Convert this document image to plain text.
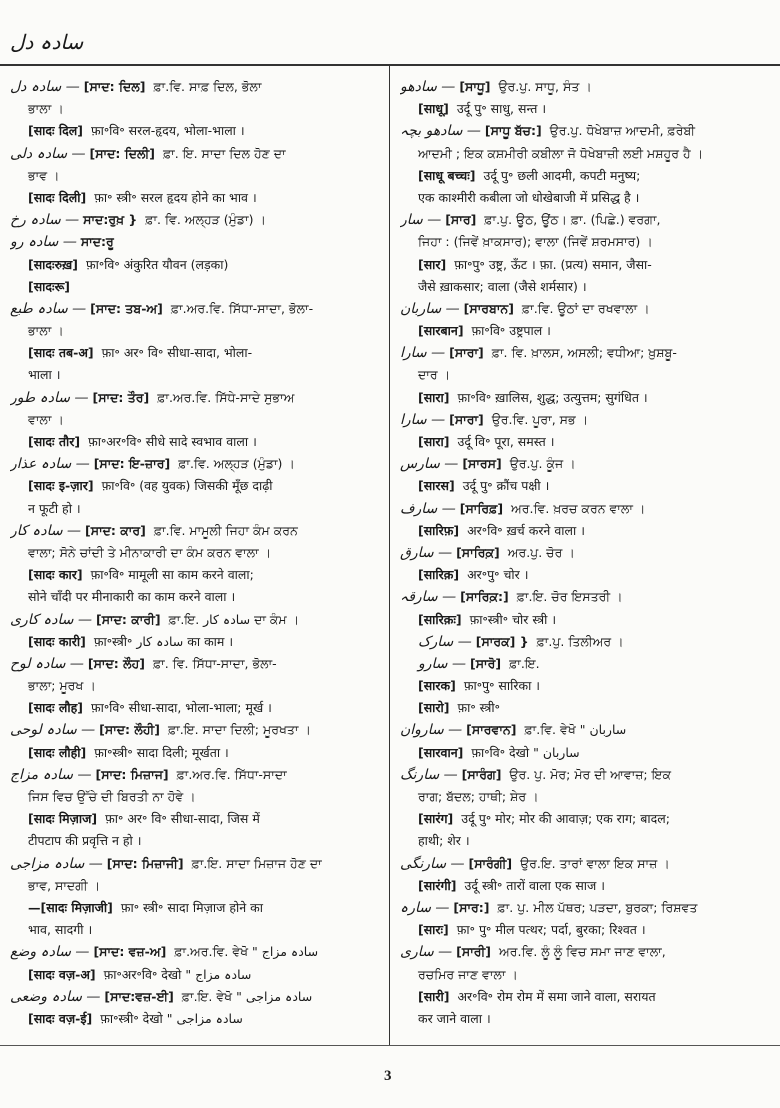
سادہ دل
سادہ دل — [ਸਾਦ: ਦਿਲ] ਫ਼ਾ.ਵਿ. ਸਾਫ਼ ਦਿਲ, ਭੋਲਾ
ਭਾਲਾ ।
[सादः दिल] फ़ा॰वि॰ सरल-हृदय, भोला-भाला ।
سادہ دلی — [ਸਾਦ: ਦਿਲੀ] ਫ਼ਾ. ਇ. ਸਾਦਾ ਦਿਲ ਹੋਣ ਦਾ
ਭਾਵ ।
[सादः दिली] फ़ा॰ स्त्री॰ सरल हृदय होने का भाव ।
سادہ رخ — ਸਾਦ:ਰੁਖ਼ } ਫ਼ਾ. ਵਿ. ਅਲ੍ਹੜ (ਮੁੰਡਾ) ।
سادہ رو — ਸਾਦ:ਰੂ
[सादःरुख़] फ़ा॰वि॰ अंकुरित यौवन (लड़का)
[सादःरू]
سادہ طبع — [ਸਾਦ: ਤਬ-ਅ] ਫ਼ਾ.ਅਰ.ਵਿ. ਸਿੱਧਾ-ਸਾਦਾ, ਭੋਲਾ-
ਭਾਲਾ ।
[सादः तब-अ] फ़ा॰ अर॰ वि॰ सीधा-सादा, भोला-
भाला ।
سادہ طور — [ਸਾਦ: ਤੌਰ] ਫ਼ਾ.ਅਰ.ਵਿ. ਸਿੱਧੇ-ਸਾਦੇ ਸੁਭਾਅ
ਵਾਲਾ ।
[सादः तौर] फ़ा॰अर॰वि॰ सीधे सादे स्वभाव वाला ।
سادہ عذار — [ਸਾਦ: ਇ-ਜ਼ਾਰ] ਫ਼ਾ.ਵਿ. ਅਲ੍ਹੜ (ਮੁੰਡਾ) ।
[सादः इ-ज़ार] फ़ा॰वि॰ (वह युवक) जिसकी मूँछ दाढ़ी
न फूटी हो ।
سادہ کار — [ਸਾਦ: ਕਾਰ] ਫ਼ਾ.ਵਿ. ਮਾਮੂਲੀ ਜਿਹਾ ਕੰਮ ਕਰਨ
ਵਾਲਾ; ਸੋਨੇ ਚਾਂਦੀ ਤੇ ਮੀਨਾਕਾਰੀ ਦਾ ਕੰਮ ਕਰਨ ਵਾਲਾ ।
[सादः कार] फ़ा॰वि॰ मामूली सा काम करने वाला;
सोने चाँदी पर मीनाकारी का काम करने वाला ।
سادہ کاری — [ਸਾਦ: ਕਾਰੀ] ਫ਼ਾ.ਇ. سادہ کار ਦਾ ਕੰਮ ।
[सादः कारी] फ़ा॰स्त्री॰ سادہ کار का काम ।
سادہ لوح — [ਸਾਦ: ਲੌਹ] ਫ਼ਾ. ਵਿ. ਸਿੱਧਾ-ਸਾਦਾ, ਭੋਲਾ-
ਭਾਲਾ; ਮੂਰਖ ।
[सादः लौह] फ़ा॰वि॰ सीधा-सादा, भोला-भाला; मूर्ख ।
سادہ لوحی — [ਸਾਦ: ਲੌਹੀ] ਫ਼ਾ.ਇ. ਸਾਦਾ ਦਿਲੀ; ਮੂਰਖਤਾ ।
[सादः लौही] फ़ा॰स्त्री॰ सादा दिली; मूर्खता ।
سادہ مزاج — [ਸਾਦ: ਮਿਜ਼ਾਜ] ਫ਼ਾ.ਅਰ.ਵਿ. ਸਿੱਧਾ-ਸਾਦਾ
ਜਿਸ ਵਿਚ ਉੱਚੇ ਦੀ ਬਿਰਤੀ ਨਾ ਹੋਵੇ ।
[सादः मिज़ाज] फ़ा॰ अर॰ वि॰ सीधा-सादा, जिस में
टीपटाप की प्रवृत्ति न हो ।
سادہ مزاجی — [ਸਾਦ: ਮਿਜ਼ਾਜੀ] ਫ਼ਾ.ਇ. ਸਾਦਾ ਮਿਜ਼ਾਜ ਹੋਣ ਦਾ
ਭਾਵ, ਸਾਦਗੀ ।
—[सादः मिज़ाजी] फ़ा॰ स्त्री॰ सादा मिज़ाज होने का
भाव, सादगी ।
سادہ وضع — [ਸਾਦ: ਵਜ਼-ਅ] ਫ਼ਾ.ਅਰ.ਵਿ. ਵੇਖੋ " سادہ مزاج
[सादः वज़-अ] फ़ा॰अर॰वि॰ देखो " سادہ مزاج
سادہ وضعی — [ਸਾਦ:ਵਜ਼-ਈ] ਫ਼ਾ.ਇ. ਵੇਖੋ " سادہ مزاجی
[सादः वज़-ई] फ़ा॰स्त्री॰ देखो " سادہ مزاجی
سادھو — [ਸਾਧੂ] ਉਰ.ਪੁ. ਸਾਧੂ, ਸੰਤ ।
[साधू] उर्दू पु॰ साधु, सन्त ।
سادھو بچہ — [ਸਾਧੂ ਬੱਚ:] ਉਰ.ਪੁ. ਧੋਖੇਬਾਜ਼ ਆਦਮੀ, ਫ਼ਰੇਬੀ
ਆਦਮੀ ; ਇਕ ਕਸ਼ਮੀਰੀ ਕਬੀਲਾ ਜੋ ਧੋਖੇਬਾਜ਼ੀ ਲਈ ਮਸ਼ਹੂਰ ਹੈ ।
[साधू बच्चः] उर्दू पु॰ छली आदमी, कपटी मनुष्य;
एक काश्मीरी कबीला जो धोखेबाजी में प्रसिद्ध है ।
سار — [ਸਾਰ] ਫ਼ਾ.ਪੁ. ਊਠ, ਊਂਠ। ਫ਼ਾ. (ਪਿਛੇ.) ਵਰਗਾ,
ਜਿਹਾ : (ਜਿਵੇਂ ਖ਼ਾਕਸਾਰ); ਵਾਲਾ (ਜਿਵੇਂ ਸ਼ਰਮਸਾਰ) ।
[सार] फ़ा॰पु॰ उष्ट्र, ऊँट । फ़ा. (प्रत्य) समान, जैसा-
जैसे ख़ाकसार; वाला (जैसे शर्मसार) ।
ساربان — [ਸਾਰਬਾਨ] ਫ਼ਾ.ਵਿ. ਊਠਾਂ ਦਾ ਰਖਵਾਲਾ ।
[सारबान] फ़ा॰वि॰ उष्ट्रपाल ।
سارا — [ਸਾਰਾ] ਫ਼ਾ. ਵਿ. ਖ਼ਾਲਸ, ਅਸਲੀ; ਵਧੀਆ; ਖ਼ੁਸ਼ਬੂ-
ਦਾਰ ।
[सारा] फ़ा॰वि॰ ख़ालिस, शुद्ध; उत्युत्तम; सुगंधित ।
سارا — [ਸਾਰਾ] ਉਰ.ਵਿ. ਪੂਰਾ, ਸਭ ।
[सारा] उर्दू वि॰ पूरा, समस्त ।
سارس — [ਸਾਰਸ] ਉਰ.ਪੁ. ਕੂੰਜ ।
[सारस] उर्दू पु॰ क्रौंच पक्षी ।
سارف — [ਸਾਰਿਫ਼] ਅਰ.ਵਿ. ਖ਼ਰਚ ਕਰਨ ਵਾਲਾ ।
[सारिफ़] अर॰वि॰ ख़र्च करने वाला ।
سارق — [ਸਾਰਿਕ਼] ਅਰ.ਪੁ. ਚੋਰ ।
[सारिक़] अर॰पु॰ चोर ।
سارقہ — [ਸਾਰਿਕ਼:] ਫ਼ਾ.ਇ. ਚੋਰ ਇਸਤਰੀ ।
[सारिक़ः] फ़ा॰स्त्री॰ चोर स्त्री ।
سارک — [ਸਾਰਕ] } ਫ਼ਾ.ਪੁ. ਤਿਲੀਅਰ ।
سارو — [ਸਾਰੋ] ਫ਼ਾ.ਇ.
[सारक] फ़ा॰पु॰ सारिका ।
[सारो] फ़ा॰ स्त्री॰
ساروان — [ਸਾਰਵਾਨ] ਫ਼ਾ.ਵਿ. ਵੇਖੋ " ساربان
[सारवान] फ़ा॰वि॰ देखो " ساربان
سارنگ — [ਸਾਰੰਗ] ਉਰ. ਪੁ. ਮੋਰ; ਮੋਰ ਦੀ ਆਵਾਜ਼; ਇਕ
ਰਾਗ; ਬੱਦਲ; ਹਾਥੀ; ਸ਼ੇਰ ।
[सारंग] उर्दू पु॰ मोर; मोर की आवाज़; एक राग; बादल;
हाथी; शेर ।
سارنگی — [ਸਾਰੰਗੀ] ਉਰ.ਇ. ਤਾਰਾਂ ਵਾਲਾ ਇਕ ਸਾਜ਼ ।
[सारंगी] उर्दू स्त्री॰ तारों वाला एक साज ।
سارہ — [ਸਾਰ:] ਫ਼ਾ. ਪੁ. ਮੀਲ ਪੱਥਰ; ਪੜਦਾ, ਬੁਰਕਾ; ਰਿਸ਼ਵਤ
[सारः] फ़ा॰ पु॰ मील पत्थर; पर्दा, बुरका; रिश्वत ।
ساری — [ਸਾਰੀ] ਅਰ.ਵਿ. ਲੂੰ ਲੂੰ ਵਿਚ ਸਮਾ ਜਾਣ ਵਾਲਾ,
ਰਚਮਿਰ ਜਾਣ ਵਾਲਾ ।
[सारी] अर॰वि॰ रोम रोम में समा जाने वाला, सरायत
कर जाने वाला ।
3
